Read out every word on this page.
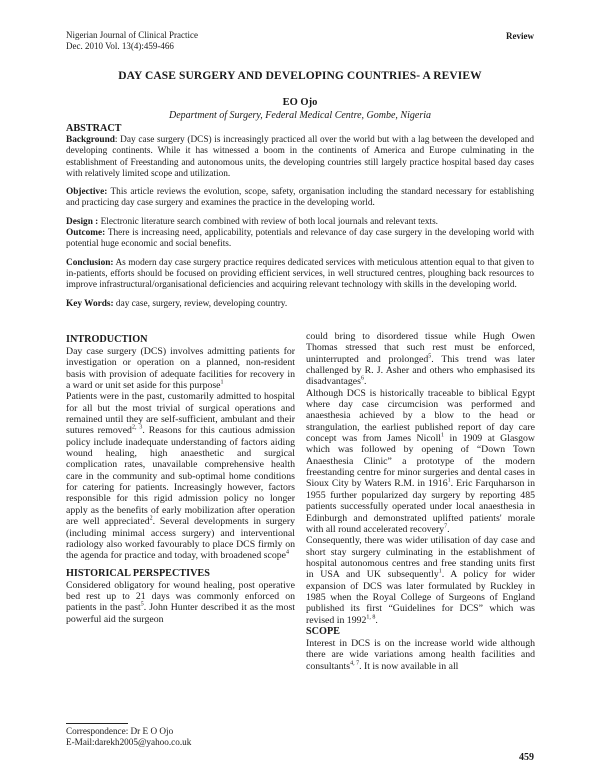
Nigerian Journal of Clinical Practice
Dec. 2010 Vol. 13(4):459-466
Review
DAY CASE SURGERY AND DEVELOPING COUNTRIES- A REVIEW
EO Ojo
Department of Surgery, Federal Medical Centre, Gombe, Nigeria
ABSTRACT

Background: Day case surgery (DCS) is increasingly practiced all over the world but with a lag between the developed and developing continents. While it has witnessed a boom in the continents of America and Europe culminating in the establishment of Freestanding and autonomous units, the developing countries still largely practice hospital based day cases with relatively limited scope and utilization.

Objective: This article reviews the evolution, scope, safety, organisation including the standard necessary for establishing and practicing day case surgery and examines the practice in the developing world.

Design : Electronic literature search combined with review of both local journals and relevant texts.

Outcome: There is increasing need, applicability, potentials and relevance of day case surgery in the developing world with potential huge economic and social benefits.

Conclusion: As modern day case surgery practice requires dedicated services with meticulous attention equal to that given to in-patients, efforts should be focused on providing efficient services, in well structured centres, ploughing back resources to improve infrastructural/organisational deficiencies and acquiring relevant technology with skills in the developing world.

Key Words: day case, surgery, review, developing country.

INTRODUCTION

Day case surgery (DCS) involves admitting patients for investigation or operation on a planned, non-resident basis with provision of adequate facilities for recovery in a ward or unit set aside for this purpose$^1$

Patients were in the past, customarily admitted to hospital for all but the most trivial of surgical operations and remained until they are self-sufficient, ambulant and their sutures removed$^{2, 3}$. Reasons for this cautious admission policy include inadequate understanding of factors aiding wound healing, high anaesthetic and surgical complication rates, unavailable comprehensive health care in the community and sub-optimal home conditions for catering for patients. Increasingly however, factors responsible for this rigid admission policy no longer apply as the benefits of early mobilization after operation are well appreciated$^2$. Several developments in surgery (including minimal access surgery) and interventional radiology also worked favourably to place DCS firmly on the agenda for practice and today, with broadened scope$^4$

HISTORICAL PERSPECTIVES

Considered obligatory for wound healing, post operative bed rest up to 21 days was commonly enforced on patients in the past$^5$. John Hunter described it as the most powerful aid the surgeon

could bring to disordered tissue while Hugh Owen Thomas stressed that such rest must be enforced, uninterrupted and prolonged$^5$. This trend was later challenged by R. J. Asher and others who emphasised its disadvantages$^6$.

Although DCS is historically traceable to biblical Egypt where day case circumcision was performed and anaesthesia achieved by a blow to the head or strangulation, the earliest published report of day care concept was from James Nicoll$^1$ in 1909 at Glasgow which was followed by opening of “Down Town Anaesthesia Clinic” a prototype of the modern freestanding centre for minor surgeries and dental cases in Sioux City by Waters R.M. in 1916$^1$. Eric Farquharson in 1955 further popularized day surgery by reporting 485 patients successfully operated under local anaesthesia in Edinburgh and demonstrated uplifted patients' morale with all round accelerated recovery$^7$.

Consequently, there was wider utilisation of day case and short stay surgery culminating in the establishment of hospital autonomous centres and free standing units first in USA and UK subsequently$^1$. A policy for wider expansion of DCS was later formulated by Ruckley in 1985 when the Royal College of Surgeons of England published its first “Guidelines for DCS” which was revised in 1992$^{1, 8}$.

SCOPE

Interest in DCS is on the increase world wide although there are wide variations among health facilities and consultants$^{4, 7}$. It is now available in all

Correspondence: Dr E O Ojo
E-Mail:darekh2005@yahoo.co.uk
459
